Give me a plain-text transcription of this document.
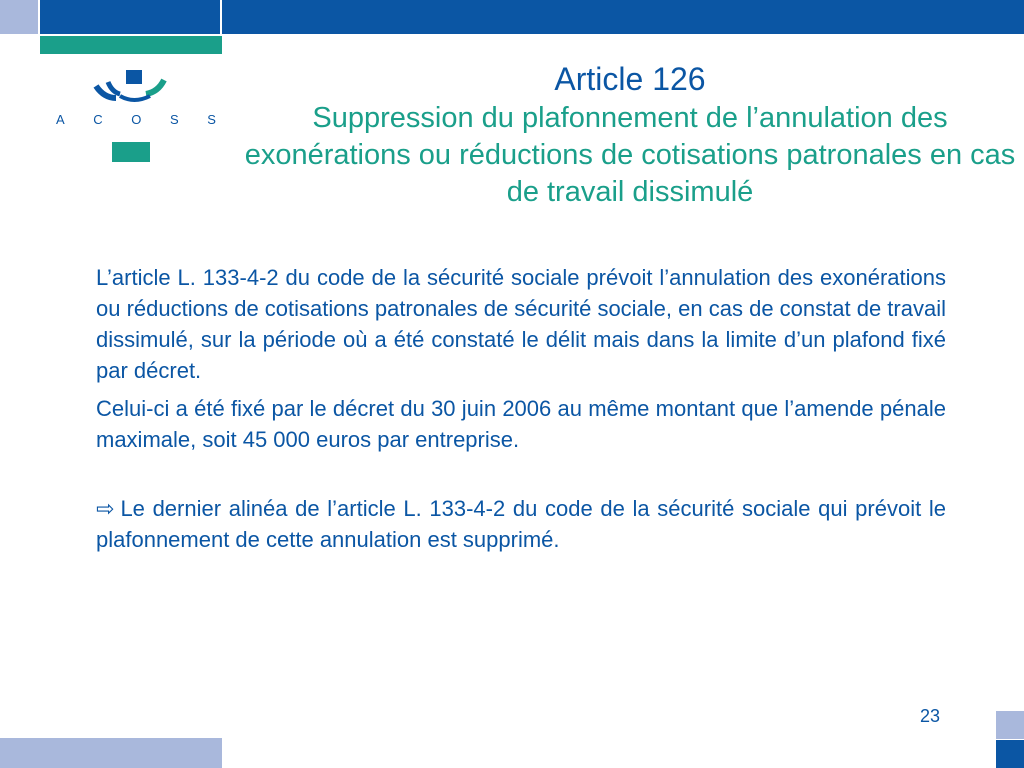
A C O S S
Article 126
Suppression du plafonnement de l’annulation des exonérations ou réductions de cotisations patronales en cas de travail dissimulé

L’article L. 133-4-2 du code de la sécurité sociale prévoit l’annulation des exonérations ou réductions de cotisations patronales de sécurité sociale, en cas de constat de travail dissimulé, sur la période où a été constaté le délit mais dans la limite d’un plafond fixé par décret.

Celui-ci a été fixé par le décret du 30 juin 2006 au même montant que l’amende pénale maximale, soit 45 000 euros par entreprise.

⇨ Le dernier alinéa de l’article L. 133-4-2 du code de la sécurité sociale qui prévoit le plafonnement de cette annulation est supprimé.

23
